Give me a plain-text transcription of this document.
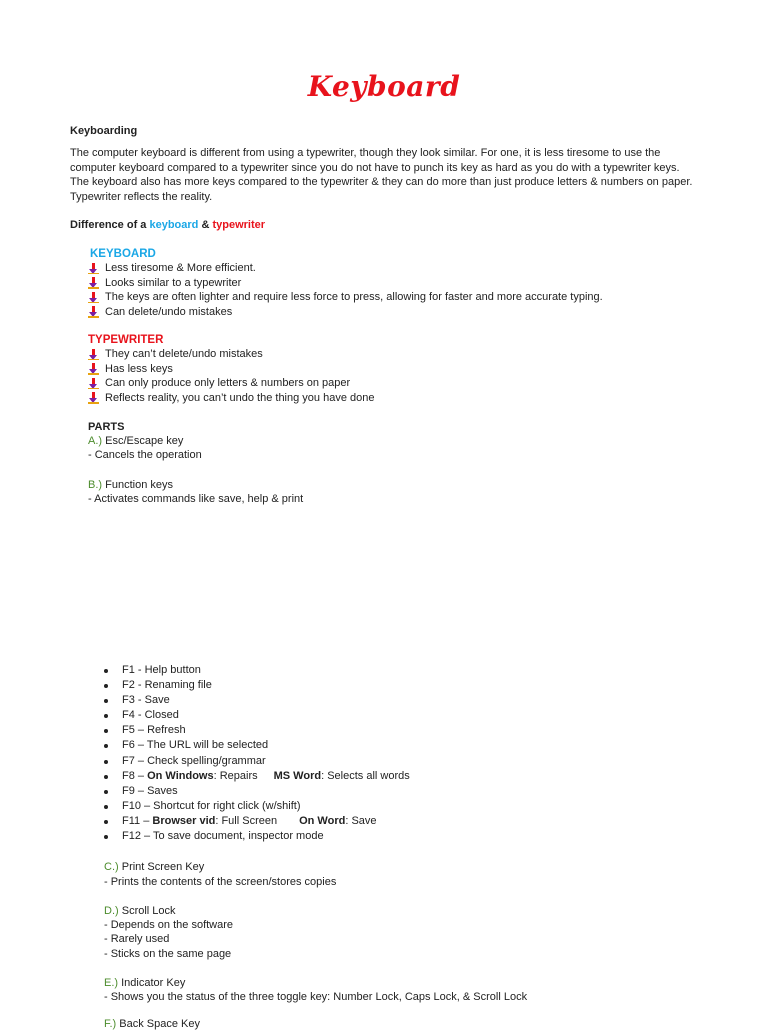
Keyboard
Keyboarding
The computer keyboard is different from using a typewriter, though they look similar. For one, it is less tiresome to use the computer keyboard compared to a typewriter since you do not have to punch its key as hard as you do with a typewriter keys. The keyboard also has more keys compared to the typewriter & they can do more than just produce letters & numbers on paper. Typewriter reflects the reality.
Difference of a keyboard & typewriter
KEYBOARD
Less tiresome & More efficient.
Looks similar to a typewriter
The keys are often lighter and require less force to press, allowing for faster and more accurate typing.
Can delete/undo mistakes
TYPEWRITER
They can’t delete/undo mistakes
Has less keys
Can only produce only letters & numbers on paper
Reflects reality, you can’t undo the thing you have done
PARTS
A.) Esc/Escape key
- Cancels the operation
B.) Function keys
- Activates commands like save, help & print
F1 - Help button
F2 - Renaming file
F3 - Save
F4 - Closed
F5 – Refresh
F6 – The URL will be selected
F7 – Check spelling/grammar
F8 – On Windows: Repairs MS Word: Selects all words
F9 – Saves
F10 – Shortcut for right click (w/shift)
F11 – Browser vid: Full Screen On Word: Save
F12 – To save document, inspector mode
C.) Print Screen Key
- Prints the contents of the screen/stores copies
D.) Scroll Lock
- Depends on the software
- Rarely used
- Sticks on the same page
E.) Indicator Key
- Shows you the status of the three toggle key: Number Lock, Caps Lock, & Scroll Lock
F.) Back Space Key
